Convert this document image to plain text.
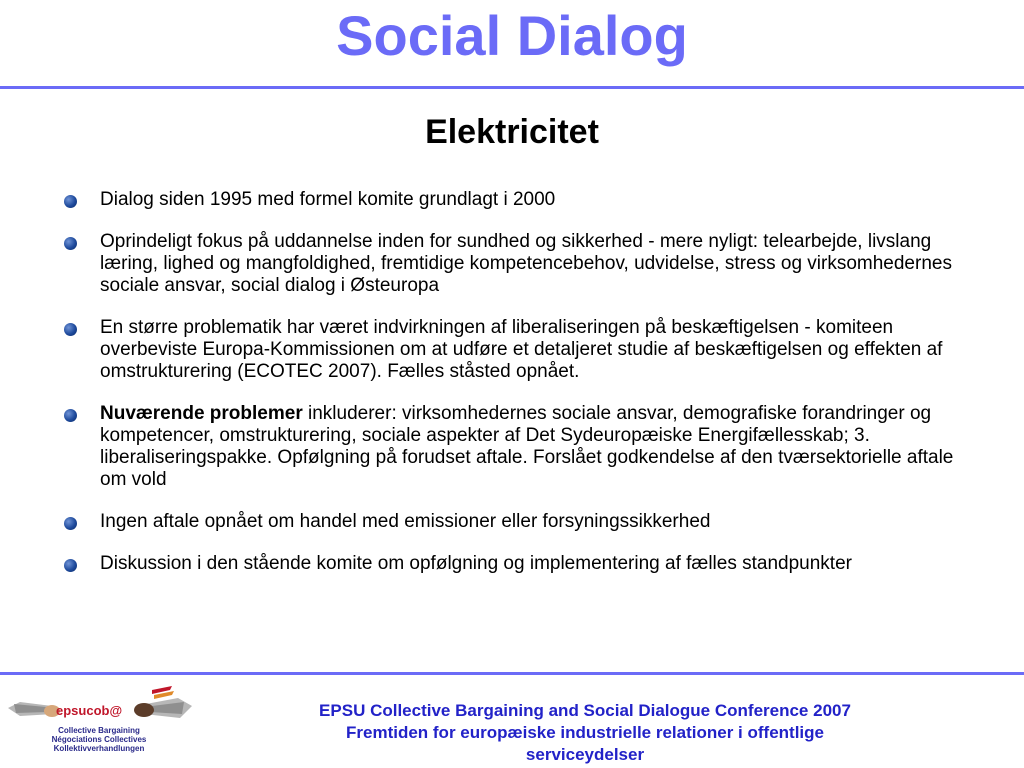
Social Dialog
Elektricitet
Dialog siden 1995 med formel komite grundlagt i 2000
Oprindeligt fokus på uddannelse inden for sundhed og sikkerhed - mere nyligt: telearbejde, livslang læring, lighed og mangfoldighed, fremtidige kompetencebehov, udvidelse, stress og virksomhedernes sociale ansvar, social dialog i Østeuropa
En større problematik har været indvirkningen af liberaliseringen på beskæftigelsen - komiteen overbeviste Europa-Kommissionen om at udføre et detaljeret studie af beskæftigelsen og effekten af omstrukturering (ECOTEC 2007). Fælles ståsted opnået.
Nuværende problemer inkluderer: virksomhedernes sociale ansvar, demografiske forandringer og kompetencer, omstrukturering, sociale aspekter af Det Sydeuropæiske Energifællesskab; 3. liberaliseringspakke. Opfølgning på forudset aftale. Forslået godkendelse af den tværsektorielle aftale om vold
Ingen aftale opnået om handel med emissioner eller forsyningssikkerhed
Diskussion i den stående komite om opfølgning og implementering af fælles standpunkter
epsucob@
Collective Bargaining
Négociations Collectives
Kollektivverhandlungen
EPSU Collective Bargaining and Social Dialogue Conference 2007
Fremtiden for europæiske industrielle relationer i offentlige
serviceydelser
